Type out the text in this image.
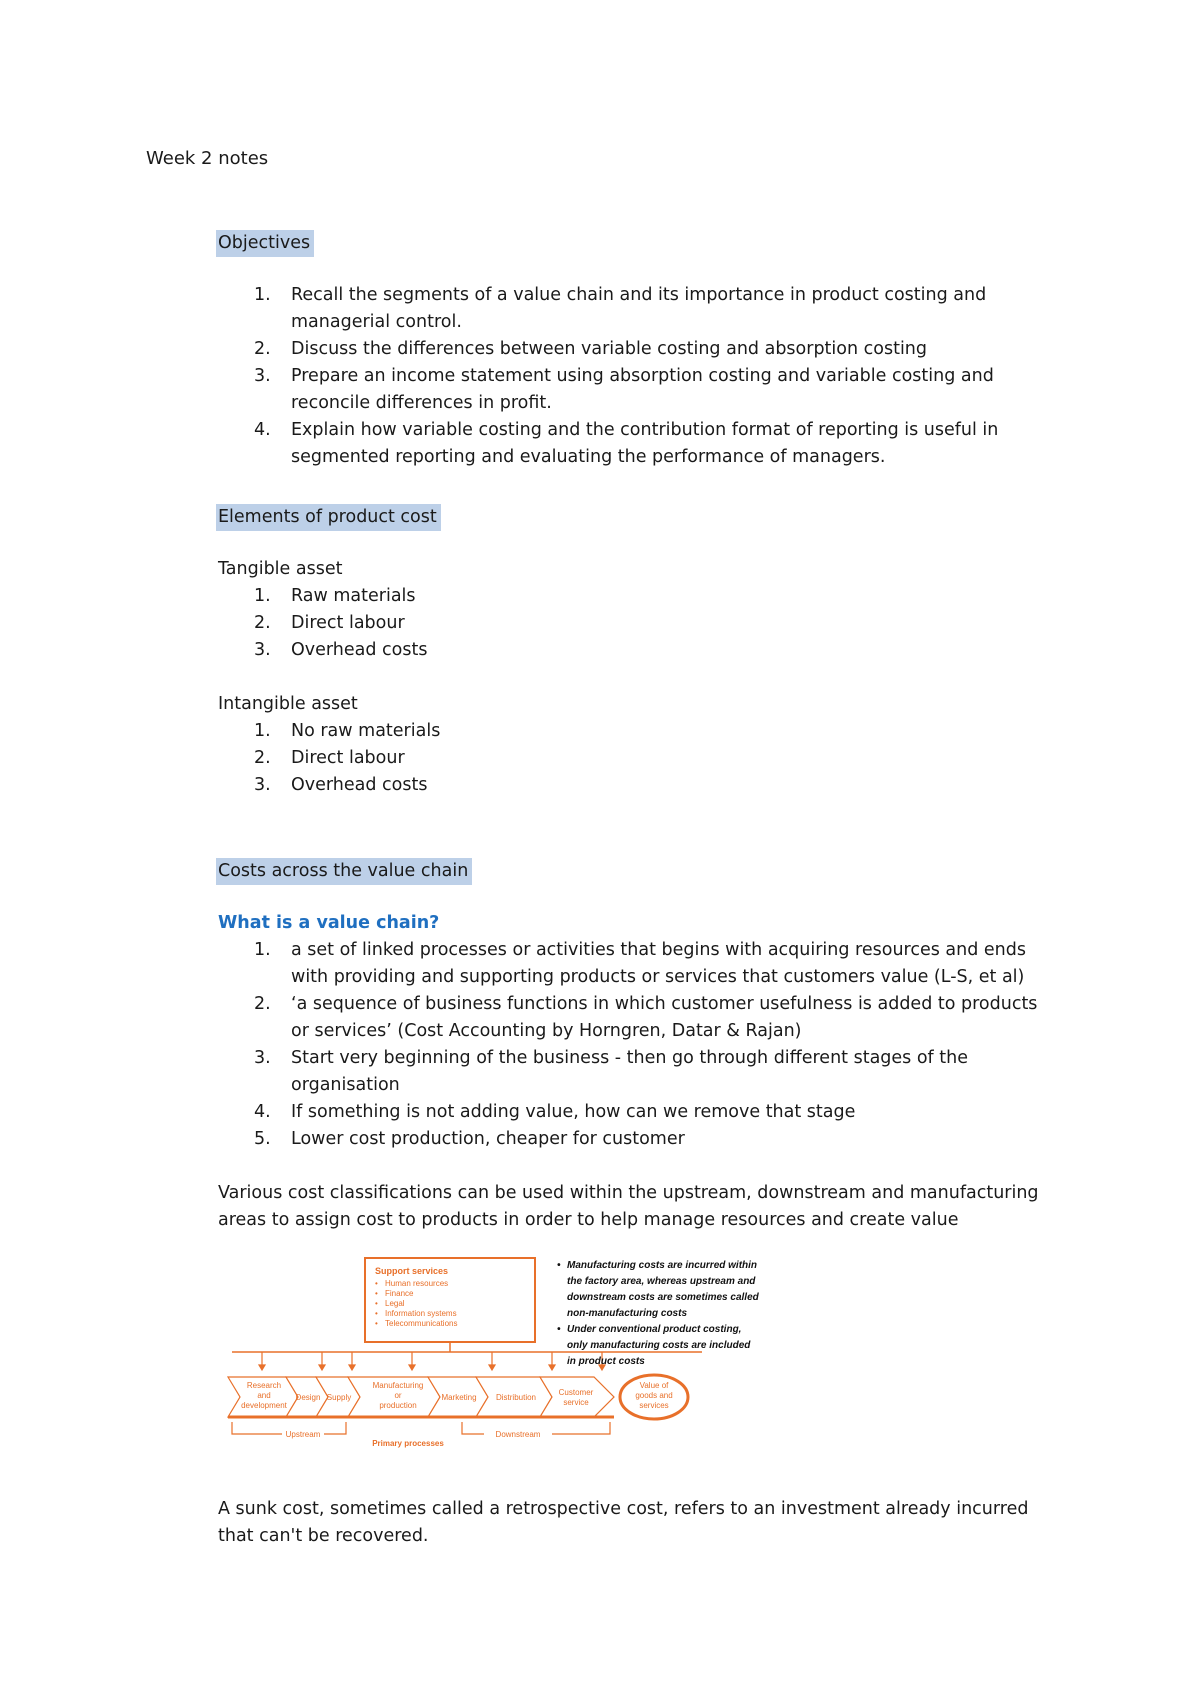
Week 2 notes
Objectives
1. Recall the segments of a value chain and its importance in product costing and
managerial control.
2. Discuss the differences between variable costing and absorption costing
3. Prepare an income statement using absorption costing and variable costing and
reconcile differences in profit.
4. Explain how variable costing and the contribution format of reporting is useful in
segmented reporting and evaluating the performance of managers.
Elements of product cost
Tangible asset
1. Raw materials
2. Direct labour
3. Overhead costs
Intangible asset
1. No raw materials
2. Direct labour
3. Overhead costs
Costs across the value chain
What is a value chain?
1. a set of linked processes or activities that begins with acquiring resources and ends
with providing and supporting products or services that customers value (L-S, et al)
2. ‘a sequence of business functions in which customer usefulness is added to products
or services’ (Cost Accounting by Horngren, Datar & Rajan)
3. Start very beginning of the business - then go through different stages of the
organisation
4. If something is not adding value, how can we remove that stage
5. Lower cost production, cheaper for customer
Various cost classifications can be used within the upstream, downstream and manufacturing
areas to assign cost to products in order to help manage resources and create value
Support services
• Human resources
• Finance
• Legal
• Information systems
• Telecommunications
Research
and
development
Design Supply
Manufacturing
or
production
Marketing Distribution
Customer
service
Value of
goods and
services
Upstream	Downstream
Primary processes
• Manufacturing costs are incurred within
the factory area, whereas upstream and
downstream costs are sometimes called
non-manufacturing costs
• Under conventional product costing,
only manufacturing costs are included
in product costs
A sunk cost, sometimes called a retrospective cost, refers to an investment already incurred
that can't be recovered.
